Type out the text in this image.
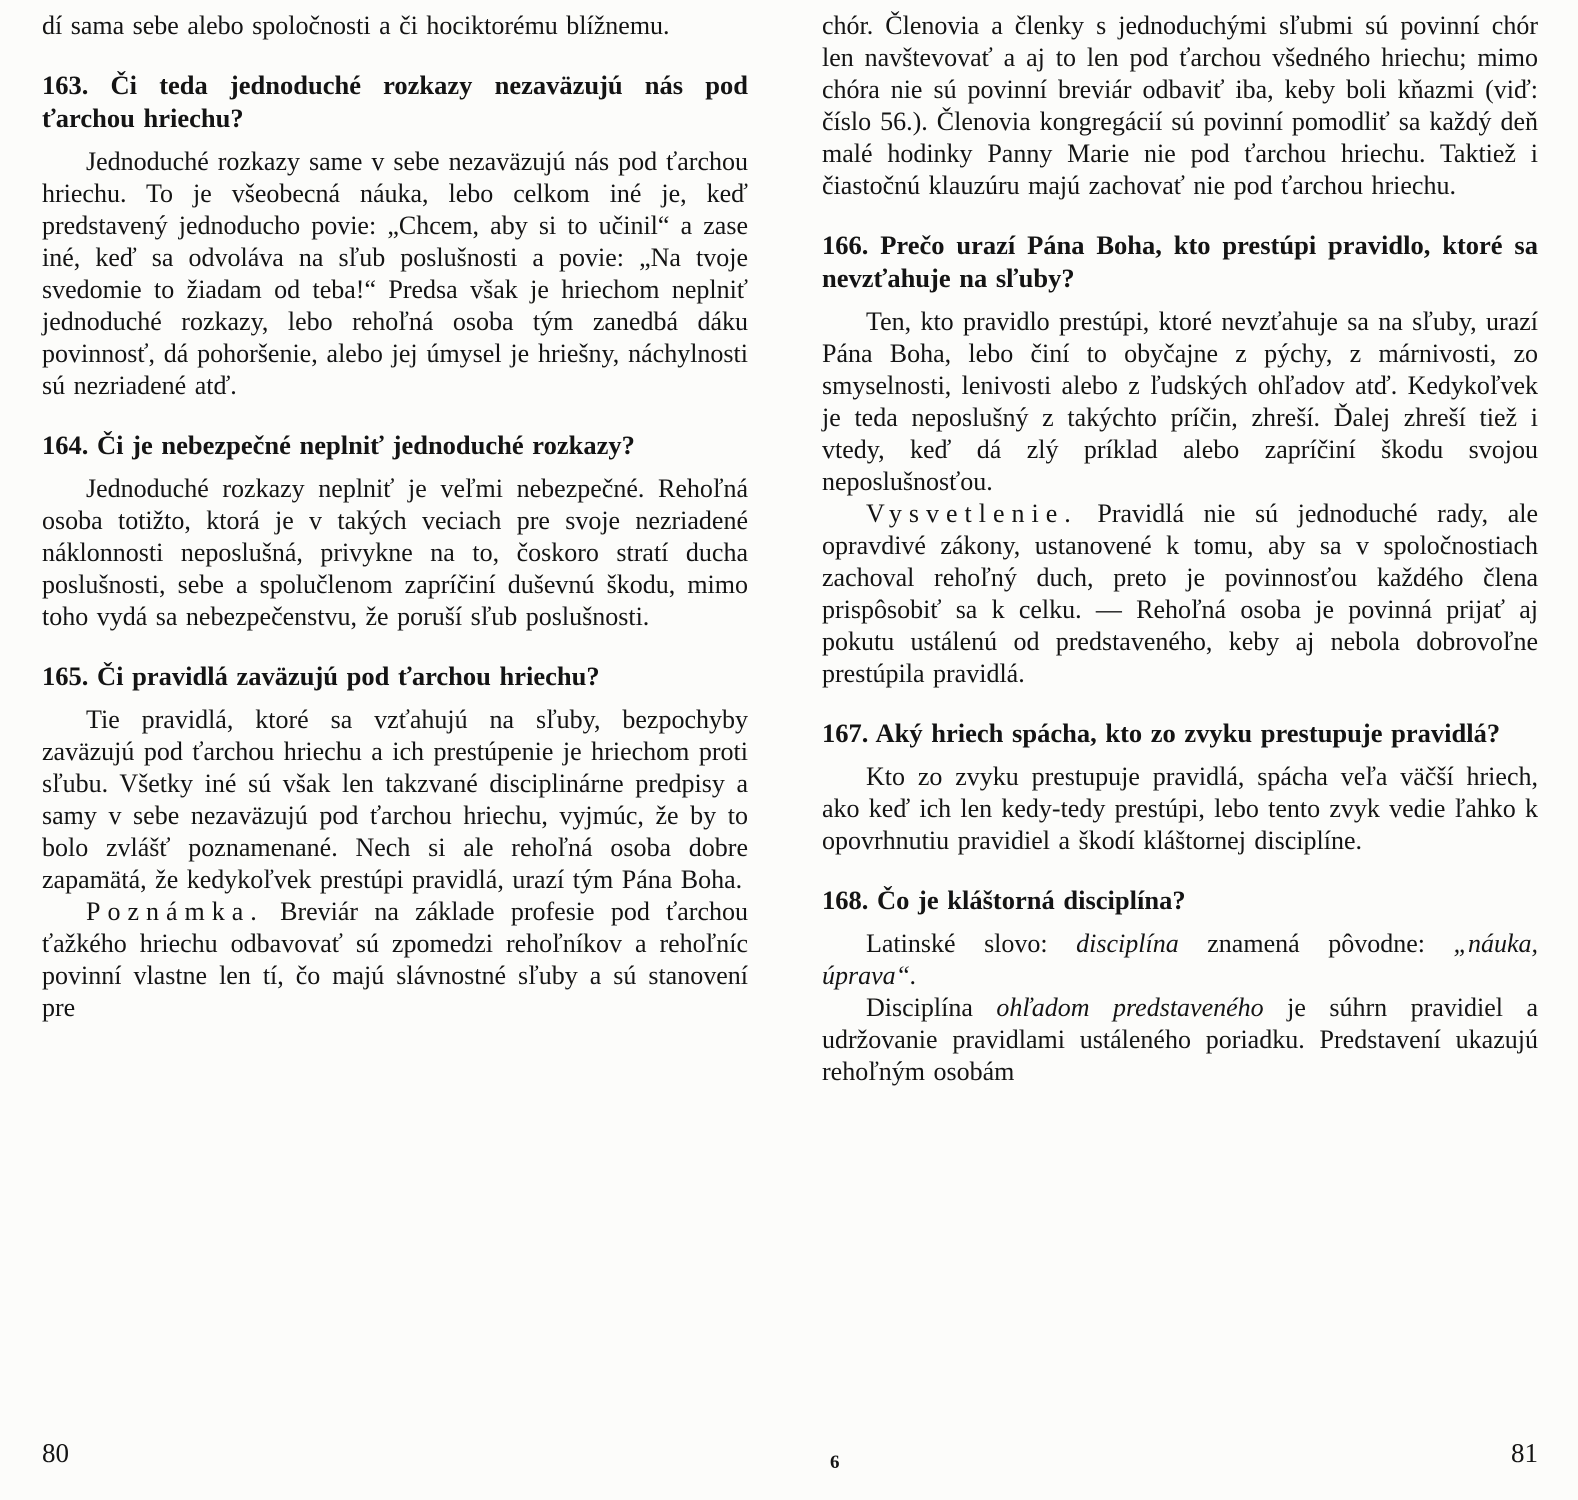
dí sama sebe alebo spoločnosti a či hociktorému blížnemu.

163. Či teda jednoduché rozkazy nezaväzujú nás pod ťarchou hriechu?

Jednoduché rozkazy same v sebe nezaväzujú nás pod ťarchou hriechu. To je všeobecná náuka, lebo celkom iné je, keď predstavený jednoducho povie: „Chcem, aby si to učinil“ a zase iné, keď sa odvoláva na sľub poslušnosti a povie: „Na tvoje svedomie to žiadam od teba!“ Predsa však je hriechom neplniť jednoduché rozkazy, lebo rehoľná osoba tým zanedbá dáku povinnosť, dá pohoršenie, alebo jej úmysel je hriešny, náchylnosti sú nezriadené atď.

164. Či je nebezpečné neplniť jednoduché rozkazy?

Jednoduché rozkazy neplniť je veľmi nebezpečné. Rehoľná osoba totižto, ktorá je v takých veciach pre svoje nezriadené náklonnosti neposlušná, privykne na to, čoskoro stratí ducha poslušnosti, sebe a spolučlenom zapríčiní duševnú škodu, mimo toho vydá sa nebezpečenstvu, že poruší sľub poslušnosti.

165. Či pravidlá zaväzujú pod ťarchou hriechu?

Tie pravidlá, ktoré sa vzťahujú na sľuby, bezpochyby zaväzujú pod ťarchou hriechu a ich prestúpenie je hriechom proti sľubu. Všetky iné sú však len takzvané disciplinárne predpisy a samy v sebe nezaväzujú pod ťarchou hriechu, vyjmúc, že by to bolo zvlášť poznamenané. Nech si ale rehoľná osoba dobre zapamätá, že kedykoľvek prestúpi pravidlá, urazí tým Pána Boha.

Poznámka. Breviár na základe profesie pod ťarchou ťažkého hriechu odbavovať sú zpomedzi rehoľníkov a rehoľníc povinní vlastne len tí, čo majú slávnostné sľuby a sú stanovení pre

80

chór. Členovia a členky s jednoduchými sľubmi sú povinní chór len navštevovať a aj to len pod ťarchou všedného hriechu; mimo chóra nie sú povinní breviár odbaviť iba, keby boli kňazmi (viď: číslo 56.). Členovia kongregácií sú povinní pomodliť sa každý deň malé hodinky Panny Marie nie pod ťarchou hriechu. Taktiež i čiastočnú klauzúru majú zachovať nie pod ťarchou hriechu.

166. Prečo urazí Pána Boha, kto prestúpi pravidlo, ktoré sa nevzťahuje na sľuby?

Ten, kto pravidlo prestúpi, ktoré nevzťahuje sa na sľuby, urazí Pána Boha, lebo činí to obyčajne z pýchy, z márnivosti, zo smyselnosti, lenivosti alebo z ľudských ohľadov atď. Kedykoľvek je teda neposlušný z takýchto príčin, zhreší. Ďalej zhreší tiež i vtedy, keď dá zlý príklad alebo zapríčiní škodu svojou neposlušnosťou.

Vysvetlenie. Pravidlá nie sú jednoduché rady, ale opravdivé zákony, ustanovené k tomu, aby sa v spoločnostiach zachoval rehoľný duch, preto je povinnosťou každého člena prispôsobiť sa k celku. — Rehoľná osoba je povinná prijať aj pokutu ustálenú od predstaveného, keby aj nebola dobrovoľne prestúpila pravidlá.

167. Aký hriech spácha, kto zo zvyku prestupuje pravidlá?

Kto zo zvyku prestupuje pravidlá, spácha veľa väčší hriech, ako keď ich len kedy-tedy prestúpi, lebo tento zvyk vedie ľahko k opovrhnutiu pravidiel a škodí kláštornej disciplíne.

168. Čo je kláštorná disciplína?

Latinské slovo: disciplína znamená pôvodne: „náuka, úprava“.

Disciplína ohľadom predstaveného je súhrn pravidiel a udržovanie pravidlami ustáleného poriadku. Predstavení ukazujú rehoľným osobám

6	81
